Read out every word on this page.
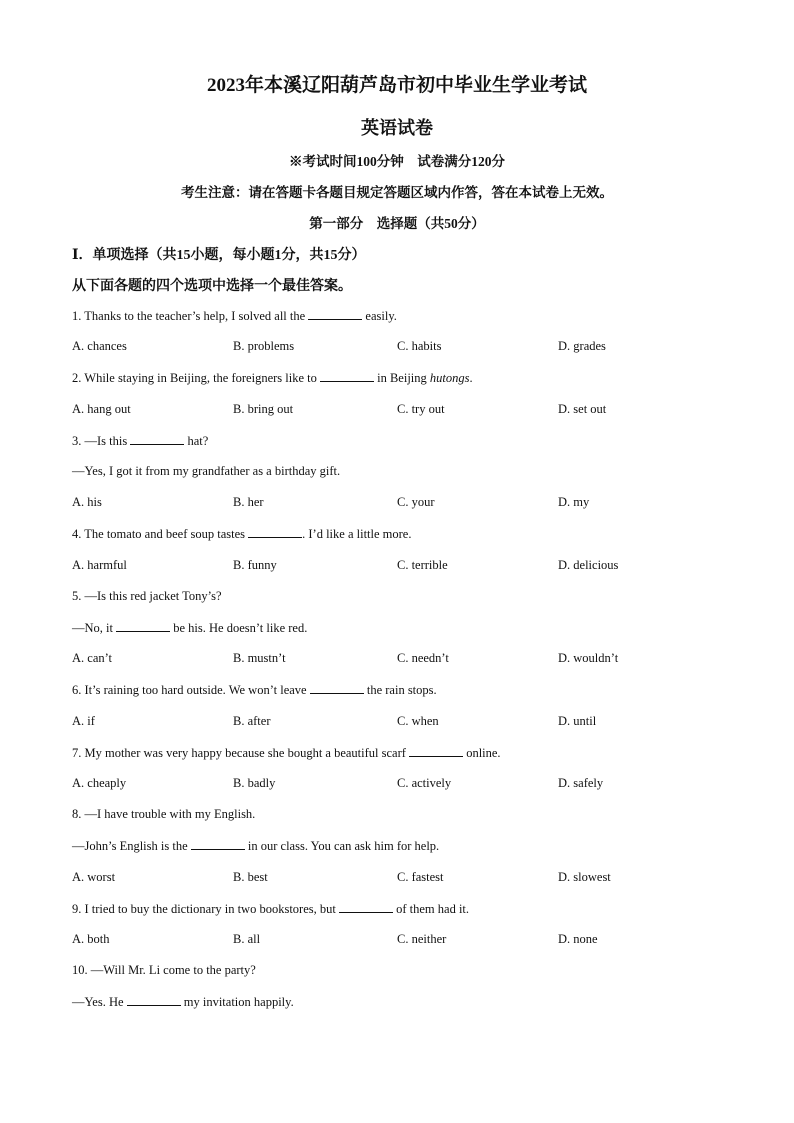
2023年本溪辽阳葫芦岛市初中毕业生学业考试
英语试卷
※考试时间100分钟　试卷满分120分
考生注意：请在答题卡各题目规定答题区域内作答，答在本试卷上无效。
第一部分　选择题（共50分）
Ⅰ．单项选择（共15小题，每小题1分，共15分）
从下面各题的四个选项中选择一个最佳答案。
1. Thanks to the teacher’s help, I solved all the	easily.
A. chances	B. problems	C. habits	D. grades
2. While staying in Beijing, the foreigners like to	in Beijing hutongs.
A. hang out	B. bring out	C. try out	D. set out
3. —Is this	hat?
—Yes, I got it from my grandfather as a birthday gift.
A. his	B. her	C. your	D. my
4. The tomato and beef soup tastes	. I’d like a little more.
A. harmful	B. funny	C. terrible	D. delicious
5. —Is this red jacket Tony’s?
—No, it	be his. He doesn’t like red.
A. can’t	B. mustn’t	C. needn’t	D. wouldn’t
6. It’s raining too hard outside. We won’t leave	the rain stops.
A. if	B. after	C. when	D. until
7. My mother was very happy because she bought a beautiful scarf	online.
A. cheaply	B. badly	C. actively	D. safely
8. —I have trouble with my English.
—John’s English is the	in our class. You can ask him for help.
A. worst	B. best	C. fastest	D. slowest
9. I tried to buy the dictionary in two bookstores, but	of them had it.
A. both	B. all	C. neither	D. none
10. —Will Mr. Li come to the party?
—Yes. He	my invitation happily.
